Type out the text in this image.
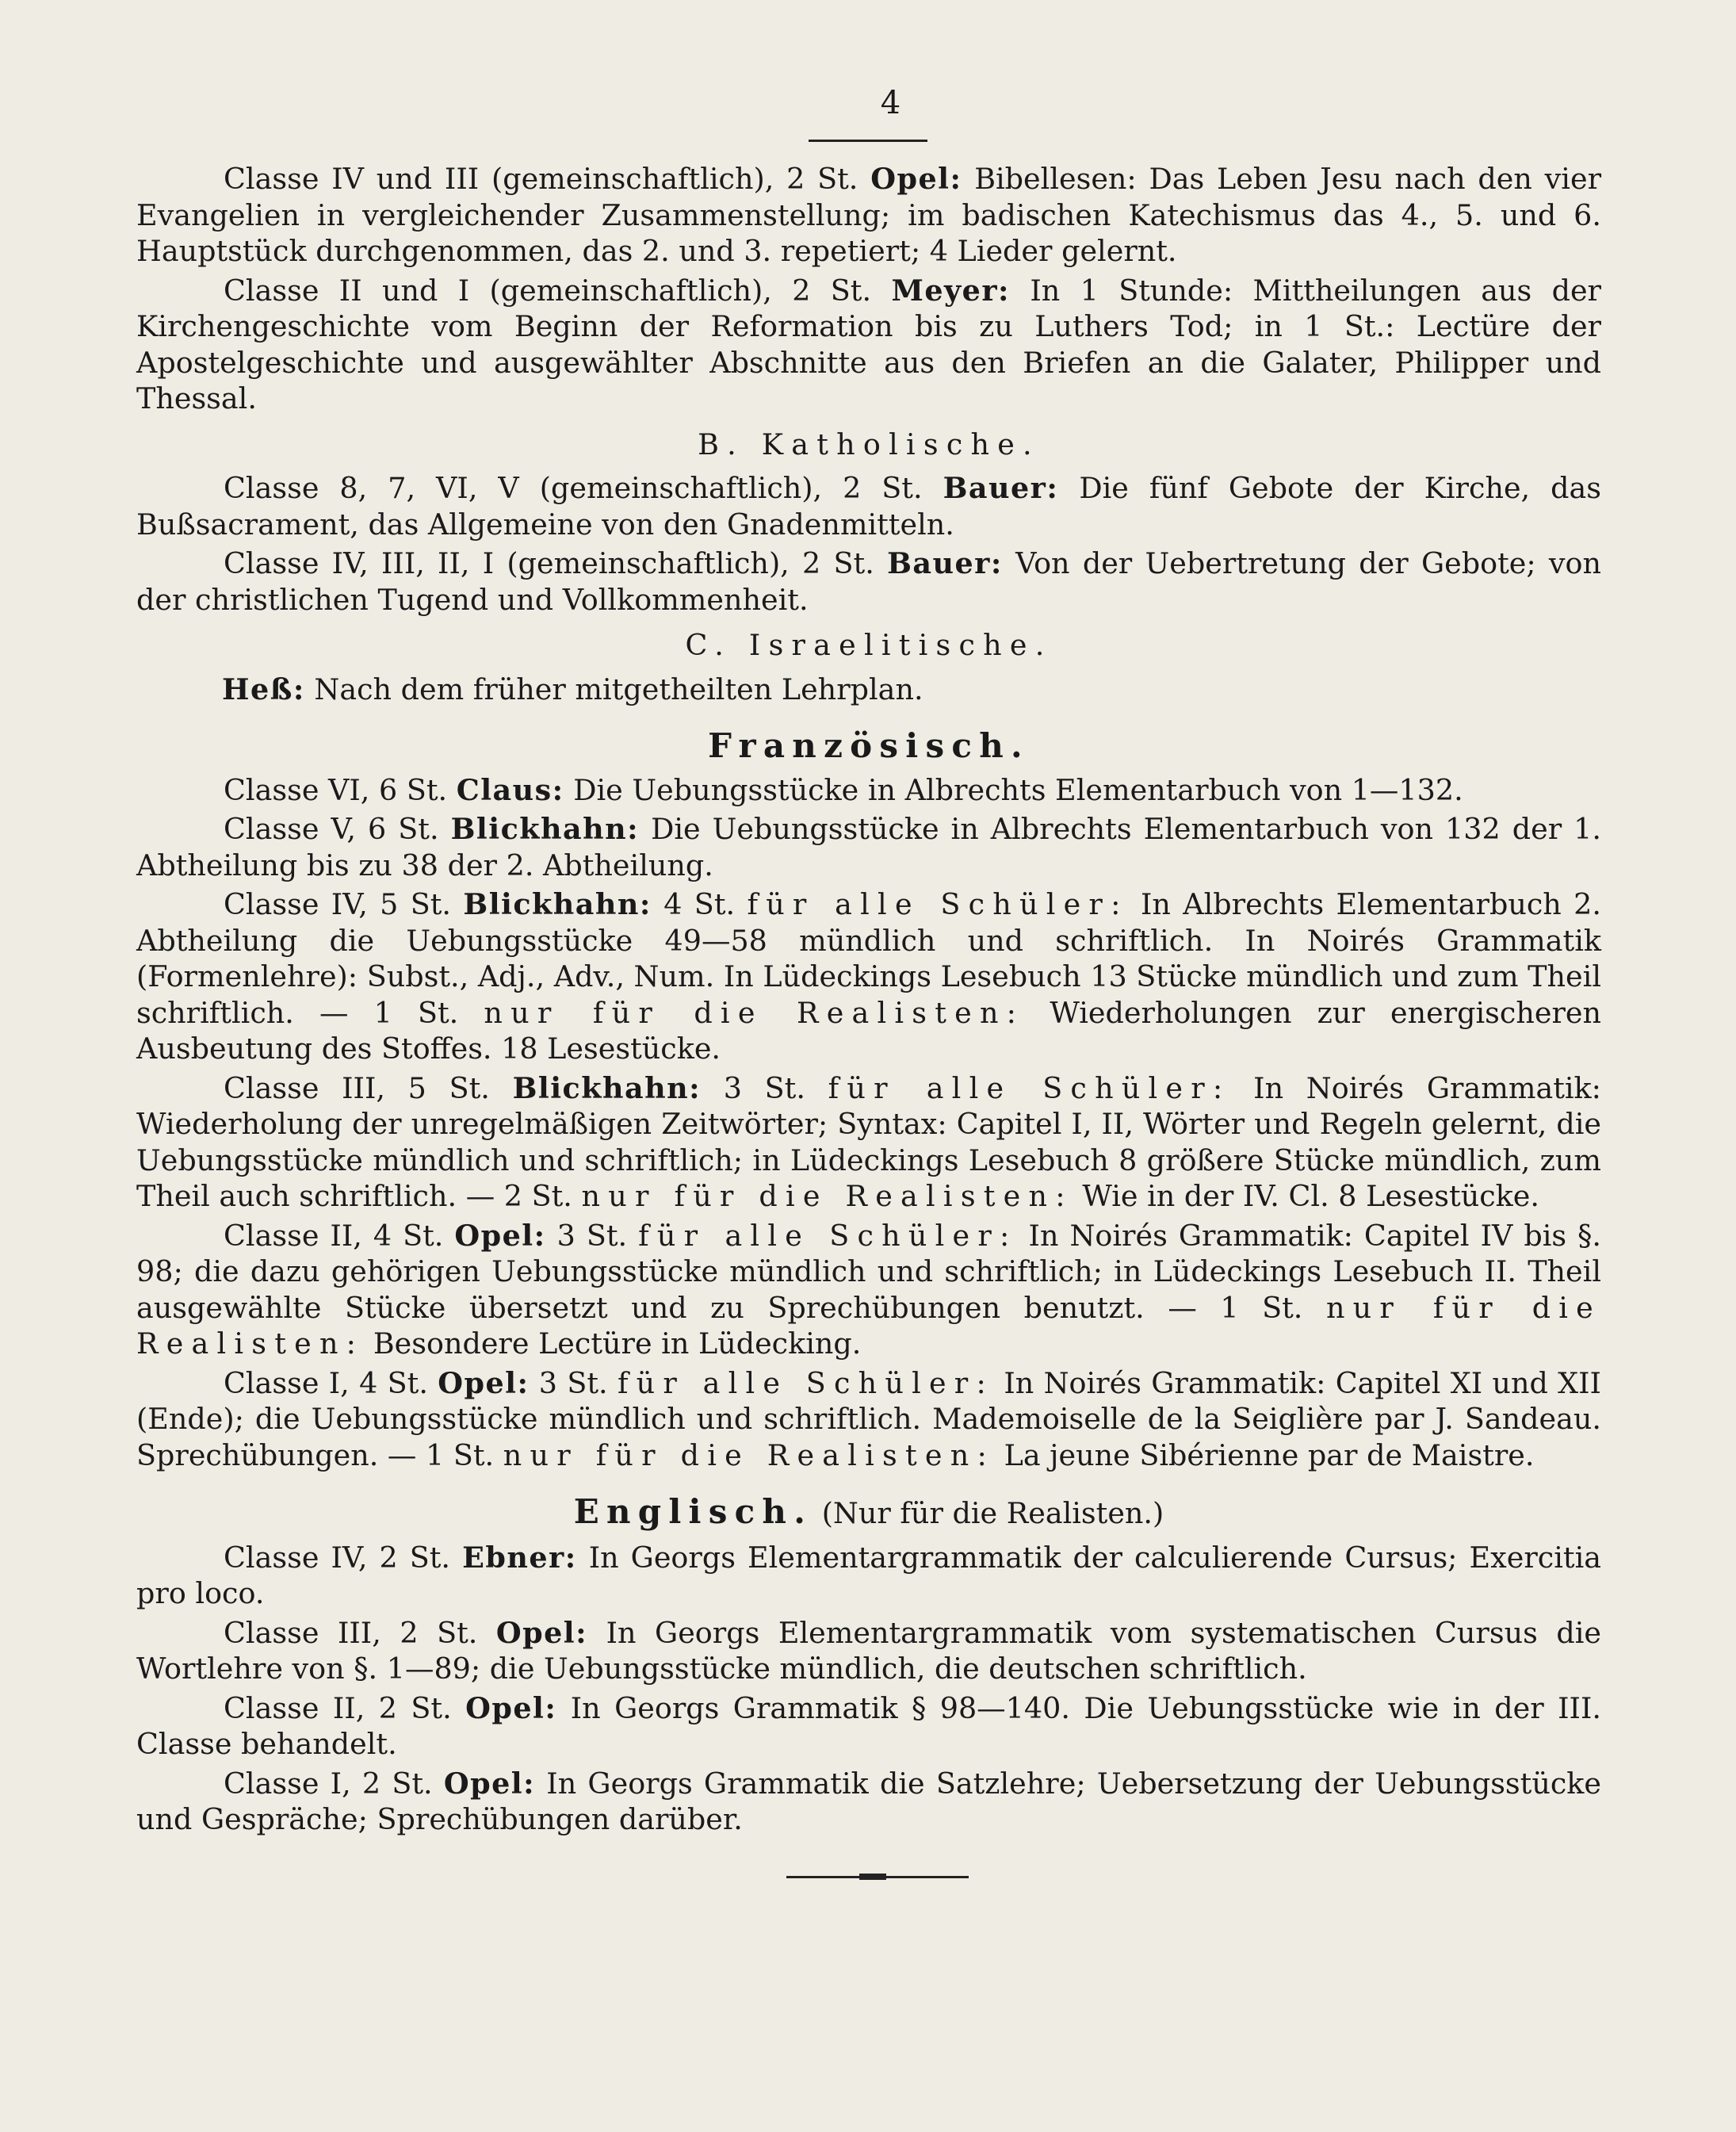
4

Classe IV und III (gemeinschaftlich), 2 St. Opel: Bibellesen: Das Leben Jesu nach den vier Evangelien in vergleichender Zusammenstellung; im badischen Katechismus das 4., 5. und 6. Hauptstück durchgenommen, das 2. und 3. repetiert; 4 Lieder gelernt.

Classe II und I (gemeinschaftlich), 2 St. Meyer: In 1 Stunde: Mittheilungen aus der Kirchengeschichte vom Beginn der Reformation bis zu Luthers Tod; in 1 St.: Lectüre der Apostelgeschichte und ausgewählter Abschnitte aus den Briefen an die Galater, Philipper und Thessal.

B. Katholische.

Classe 8, 7, VI, V (gemeinschaftlich), 2 St. Bauer: Die fünf Gebote der Kirche, das Bußsacrament, das Allgemeine von den Gnadenmitteln.

Classe IV, III, II, I (gemeinschaftlich), 2 St. Bauer: Von der Uebertretung der Gebote; von der christlichen Tugend und Vollkommenheit.

C. Israelitische.

Heß: Nach dem früher mitgetheilten Lehrplan.

Französisch.

Classe VI, 6 St. Claus: Die Uebungsstücke in Albrechts Elementarbuch von 1—132.

Classe V, 6 St. Blickhahn: Die Uebungsstücke in Albrechts Elementarbuch von 132 der 1. Abtheilung bis zu 38 der 2. Abtheilung.

Classe IV, 5 St. Blickhahn: 4 St. für alle Schüler: In Albrechts Elementarbuch 2. Abtheilung die Uebungsstücke 49—58 mündlich und schriftlich. In Noirés Grammatik (Formenlehre): Subst., Adj., Adv., Num. In Lüdeckings Lesebuch 13 Stücke mündlich und zum Theil schriftlich. — 1 St. nur für die Realisten: Wiederholungen zur energischeren Ausbeutung des Stoffes. 18 Lesestücke.

Classe III, 5 St. Blickhahn: 3 St. für alle Schüler: In Noirés Grammatik: Wiederholung der unregelmäßigen Zeitwörter; Syntax: Capitel I, II, Wörter und Regeln gelernt, die Uebungsstücke mündlich und schriftlich; in Lüdeckings Lesebuch 8 größere Stücke mündlich, zum Theil auch schriftlich. — 2 St. nur für die Realisten: Wie in der IV. Cl. 8 Lesestücke.

Classe II, 4 St. Opel: 3 St. für alle Schüler: In Noirés Grammatik: Capitel IV bis §. 98; die dazu gehörigen Uebungsstücke mündlich und schriftlich; in Lüdeckings Lesebuch II. Theil ausgewählte Stücke übersetzt und zu Sprechübungen benutzt. — 1 St. nur für die Realisten: Besondere Lectüre in Lüdecking.

Classe I, 4 St. Opel: 3 St. für alle Schüler: In Noirés Grammatik: Capitel XI und XII (Ende); die Uebungsstücke mündlich und schriftlich. Mademoiselle de la Seiglière par J. Sandeau. Sprechübungen. — 1 St. nur für die Realisten: La jeune Sibérienne par de Maistre.

Englisch. (Nur für die Realisten.)

Classe IV, 2 St. Ebner: In Georgs Elementargrammatik der calculierende Cursus; Exercitia pro loco.

Classe III, 2 St. Opel: In Georgs Elementargrammatik vom systematischen Cursus die Wortlehre von §. 1—89; die Uebungsstücke mündlich, die deutschen schriftlich.

Classe II, 2 St. Opel: In Georgs Grammatik § 98—140. Die Uebungsstücke wie in der III. Classe behandelt.

Classe I, 2 St. Opel: In Georgs Grammatik die Satzlehre; Uebersetzung der Uebungsstücke und Gespräche; Sprechübungen darüber.
